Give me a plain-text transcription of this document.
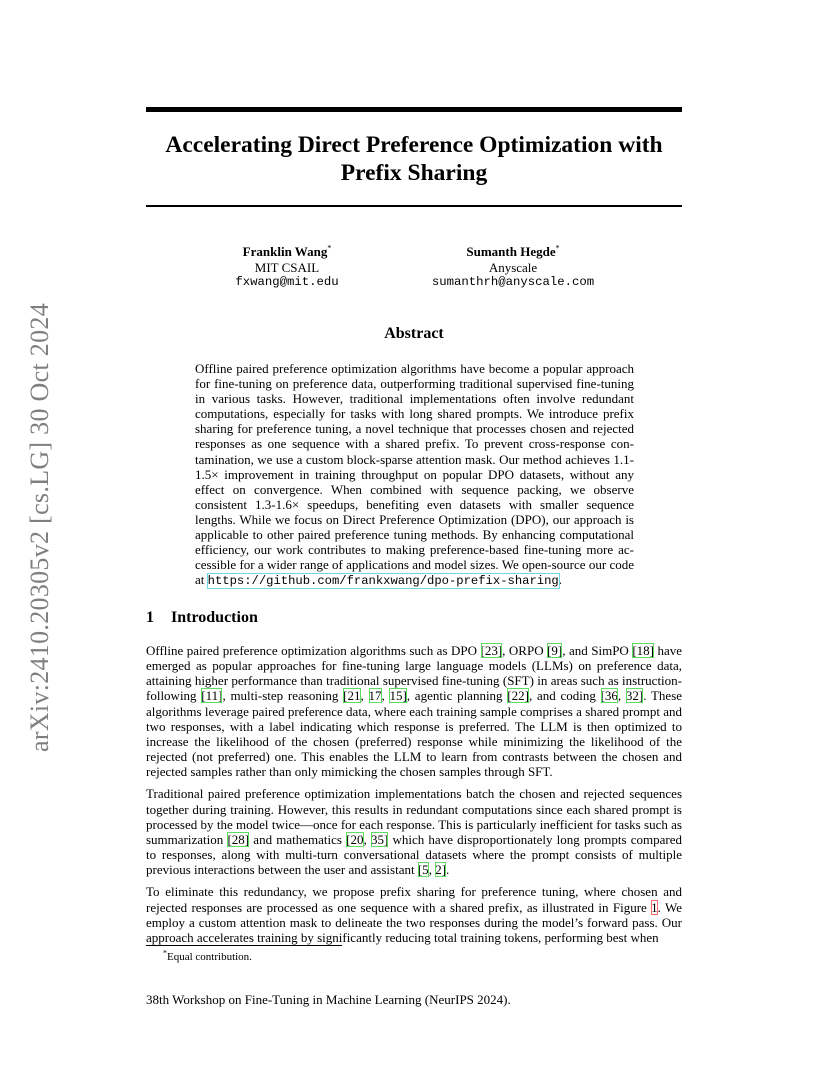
arXiv:2410.20305v2 [cs.LG] 30 Oct 2024
Accelerating Direct Preference Optimization with
Prefix Sharing
Franklin Wang*
MIT CSAIL
fxwang@mit.edu
Sumanth Hegde*
Anyscale
sumanthrh@anyscale.com
Abstract

Offline paired preference optimization algorithms have become a popular approach for fine-tuning on preference data, outperforming traditional supervised fine-tuning in various tasks. However, traditional implementations often involve redundant computations, especially for tasks with long shared prompts. We introduce prefix sharing for preference tuning, a novel technique that processes chosen and rejected responses as one sequence with a shared prefix. To prevent cross-response contamination, we use a custom block-sparse attention mask. Our method achieves 1.1-1.5× improvement in training throughput on popular DPO datasets, without any effect on convergence. When combined with sequence packing, we observe consistent 1.3-1.6× speedups, benefiting even datasets with smaller sequence lengths. While we focus on Direct Preference Optimization (DPO), our approach is applicable to other paired preference tuning methods. By enhancing computational efficiency, our work contributes to making preference-based fine-tuning more accessible for a wider range of applications and model sizes. We open-source our code at https://github.com/frankxwang/dpo-prefix-sharing.

1 Introduction

Offline paired preference optimization algorithms such as DPO [23], ORPO [9], and SimPO [18] have emerged as popular approaches for fine-tuning large language models (LLMs) on preference data, attaining higher performance than traditional supervised fine-tuning (SFT) in areas such as instruction-following [11], multi-step reasoning [21, 17, 15], agentic planning [22], and coding [36, 32]. These algorithms leverage paired preference data, where each training sample comprises a shared prompt and two responses, with a label indicating which response is preferred. The LLM is then optimized to increase the likelihood of the chosen (preferred) response while minimizing the likelihood of the rejected (not preferred) one. This enables the LLM to learn from contrasts between the chosen and rejected samples rather than only mimicking the chosen samples through SFT.

Traditional paired preference optimization implementations batch the chosen and rejected sequences together during training. However, this results in redundant computations since each shared prompt is processed by the model twice—once for each response. This is particularly inefficient for tasks such as summarization [28] and mathematics [20, 35] which have disproportionately long prompts compared to responses, along with multi-turn conversational datasets where the prompt consists of multiple previous interactions between the user and assistant [5, 2].

To eliminate this redundancy, we propose prefix sharing for preference tuning, where chosen and rejected responses are processed as one sequence with a shared prefix, as illustrated in Figure 1. We employ a custom attention mask to delineate the two responses during the model’s forward pass. Our approach accelerates training by significantly reducing total training tokens, performing best when

*Equal contribution.
38th Workshop on Fine-Tuning in Machine Learning (NeurIPS 2024).
